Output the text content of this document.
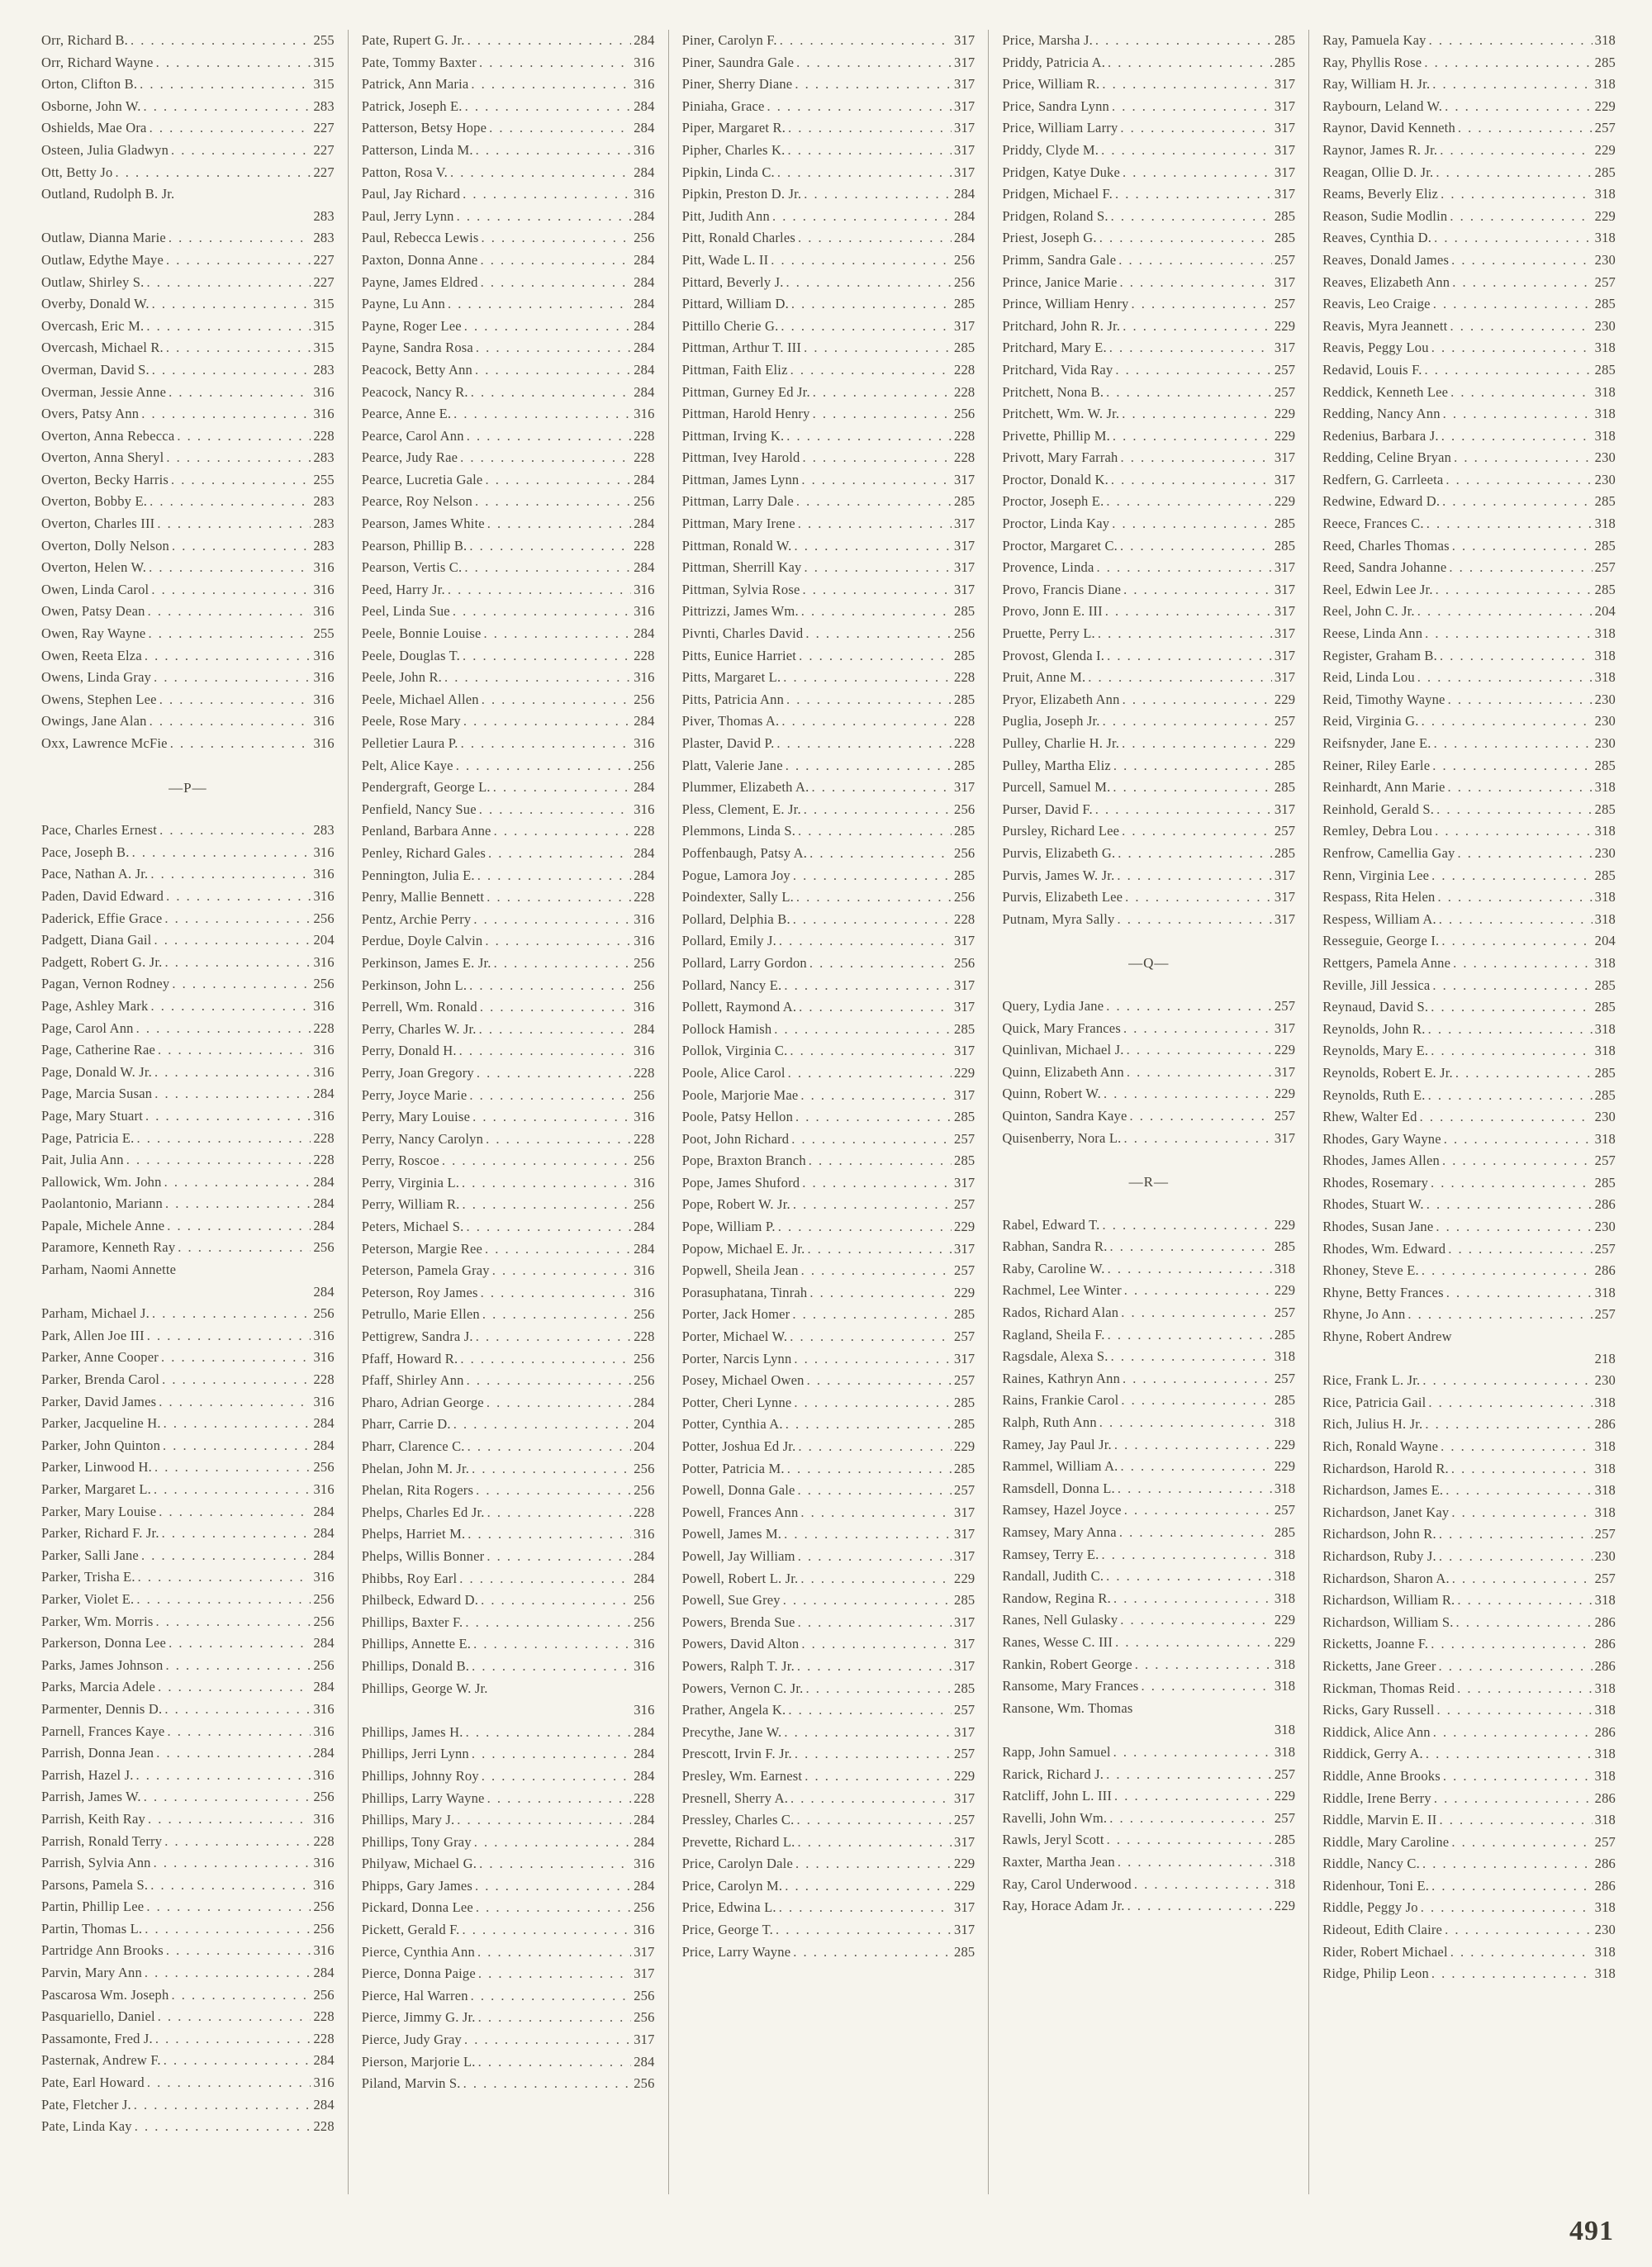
Orr, Richard B. . . .	255
Orr, Richard Wayne . . .	315
Orton, Clifton B. . . .	315
Osborne, John W. . . .	283
Oshields, Mae Ora . . .	227
Osteen, Julia Gladwyn . . .	227
Ott, Betty Jo . . .	227
Outland, Rudolph B. Jr.
283
Outlaw, Dianna Marie . . .	283
Outlaw, Edythe Maye . . .	227
Outlaw, Shirley S. . . .	227
Overby, Donald W. . . .	315
Overcash, Eric M. . . .	315
Overcash, Michael R. . . .	315
Overman, David S. . . .	283
Overman, Jessie Anne . . .	316
Overs, Patsy Ann . . .	316
Overton, Anna Rebecca . . .	228
Overton, Anna Sheryl . . .	283
Overton, Becky Harris . . .	255
Overton, Bobby E. . . .	283
Overton, Charles III . . .	283
Overton, Dolly Nelson . . .	283
Overton, Helen W. . . .	316
Owen, Linda Carol . . .	316
Owen, Patsy Dean . . .	316
Owen, Ray Wayne . . .	255
Owen, Reeta Elza . . .	316
Owens, Linda Gray . . .	316
Owens, Stephen Lee . . .	316
Owings, Jane Alan . . .	316
Oxx, Lawrence McFie . . .	316
—P—
Pace, Charles Ernest . . .	283
Pace, Joseph B. . . .	316
Pace, Nathan A. Jr. . . .	316
Paden, David Edward . . .	316
Paderick, Effie Grace . . .	256
Padgett, Diana Gail . . .	204
Padgett, Robert G. Jr. . . .	316
Pagan, Vernon Rodney . . .	256
Page, Ashley Mark . . .	316
Page, Carol Ann . . .	228
Page, Catherine Rae . . .	316
Page, Donald W. Jr. . . .	316
Page, Marcia Susan . . .	284
Page, Mary Stuart . . .	316
Page, Patricia E. . . .	228
Pait, Julia Ann . . .	228
Pallowick, Wm. John . . .	284
Paolantonio, Mariann . . .	284
Papale, Michele Anne . . .	284
Paramore, Kenneth Ray . . .	256
Parham, Naomi Annette
284
Parham, Michael J. . . .	256
Park, Allen Joe III . . .	316
Parker, Anne Cooper . . .	316
Parker, Brenda Carol . . .	228
Parker, David James . . .	316
Parker, Jacqueline H. . . .	284
Parker, John Quinton . . .	284
Parker, Linwood H. . . .	256
Parker, Margaret L. . . .	316
Parker, Mary Louise . . .	284
Parker, Richard F. Jr. . . .	284
Parker, Salli Jane . . .	284
Parker, Trisha E. . . .	316
Parker, Violet E. . . .	256
Parker, Wm. Morris . . .	256
Parkerson, Donna Lee . . .	284
Parks, James Johnson . . .	256
Parks, Marcia Adele . . .	284
Parmenter, Dennis D. . . .	316
Parnell, Frances Kaye . . .	316
Parrish, Donna Jean . . .	284
Parrish, Hazel J. . . .	316
Parrish, James W. . . .	256
Parrish, Keith Ray . . .	316
Parrish, Ronald Terry . . .	228
Parrish, Sylvia Ann . . .	316
Parsons, Pamela S. . . .	316
Partin, Phillip Lee . . .	256
Partin, Thomas L. . . .	256
Partridge Ann Brooks . . .	316
Parvin, Mary Ann . . .	284
Pascarosa Wm. Joseph . . .	256
Pasquariello, Daniel . . .	228
Passamonte, Fred J. . . .	228
Pasternak, Andrew F. . . .	284
Pate, Earl Howard . . .	316
Pate, Fletcher J. . . .	284
Pate, Linda Kay . . .	228
Pate, Rupert G. Jr. . . .	284
Pate, Tommy Baxter . . .	316
Patrick, Ann Maria . . .	316
Patrick, Joseph E. . . .	284
Patterson, Betsy Hope . . .	284
Patterson, Linda M. . . .	316
Patton, Rosa V. . . .	284
Paul, Jay Richard . . .	316
Paul, Jerry Lynn . . .	284
Paul, Rebecca Lewis . . .	256
Paxton, Donna Anne . . .	284
Payne, James Eldred . . .	284
Payne, Lu Ann . . .	284
Payne, Roger Lee . . .	284
Payne, Sandra Rosa . . .	284
Peacock, Betty Ann . . .	284
Peacock, Nancy R. . . .	284
Pearce, Anne E. . . .	316
Pearce, Carol Ann . . .	228
Pearce, Judy Rae . . .	228
Pearce, Lucretia Gale . . .	284
Pearce, Roy Nelson . . .	256
Pearson, James White . . .	284
Pearson, Phillip B. . . .	228
Pearson, Vertis C. . . .	284
Peed, Harry Jr. . . .	316
Peel, Linda Sue . . .	316
Peele, Bonnie Louise . . .	284
Peele, Douglas T. . . .	228
Peele, John R. . . .	316
Peele, Michael Allen . . .	256
Peele, Rose Mary . . .	284
Pelletier Laura P. . . .	316
Pelt, Alice Kaye . . .	256
Pendergraft, George L. . . .	284
Penfield, Nancy Sue . . .	316
Penland, Barbara Anne . . .	228
Penley, Richard Gales . . .	284
Pennington, Julia E. . . .	284
Penry, Mallie Bennett . . .	228
Pentz, Archie Perry . . .	316
Perdue, Doyle Calvin . . .	316
Perkinson, James E. Jr. . . .	256
Perkinson, John L. . . .	256
Perrell, Wm. Ronald . . .	316
Perry, Charles W. Jr. . . .	284
Perry, Donald H. . . .	316
Perry, Joan Gregory . . .	228
Perry, Joyce Marie . . .	256
Perry, Mary Louise . . .	316
Perry, Nancy Carolyn . . .	228
Perry, Roscoe . . .	256
Perry, Virginia L. . . .	316
Perry, William R. . . .	256
Peters, Michael S. . . .	284
Peterson, Margie Ree . . .	284
Peterson, Pamela Gray . . .	316
Peterson, Roy James . . .	316
Petrullo, Marie Ellen . . .	256
Pettigrew, Sandra J. . . .	228
Pfaff, Howard R. . . .	256
Pfaff, Shirley Ann . . .	256
Pharo, Adrian George . . .	284
Pharr, Carrie D. . . .	204
Pharr, Clarence C. . . .	204
Phelan, John M. Jr. . . .	256
Phelan, Rita Rogers . . .	256
Phelps, Charles Ed Jr. . . .	228
Phelps, Harriet M. . . .	316
Phelps, Willis Bonner . . .	284
Phibbs, Roy Earl . . .	284
Philbeck, Edward D. . . .	256
Phillips, Baxter F. . . .	256
Phillips, Annette E. . . .	316
Phillips, Donald B. . . .	316
Phillips, George W. Jr.
316
Phillips, James H. . . .	284
Phillips, Jerri Lynn . . .	284
Phillips, Johnny Roy . . .	284
Phillips, Larry Wayne . . .	228
Phillips, Mary J. . . .	284
Phillips, Tony Gray . . .	284
Philyaw, Michael G. . . .	316
Phipps, Gary James . . .	284
Pickard, Donna Lee . . .	256
Pickett, Gerald F. . . .	316
Pierce, Cynthia Ann . . .	317
Pierce, Donna Paige . . .	317
Pierce, Hal Warren . . .	256
Pierce, Jimmy G. Jr. . . .	256
Pierce, Judy Gray . . .	317
Pierson, Marjorie L. . . .	284
Piland, Marvin S. . . .	256
Piner, Carolyn F. . . .	317
Piner, Saundra Gale . . .	317
Piner, Sherry Diane . . .	317
Piniaha, Grace . . .	317
Piper, Margaret R. . . .	317
Pipher, Charles K. . . .	317
Pipkin, Linda C. . . .	317
Pipkin, Preston D. Jr. . . .	284
Pitt, Judith Ann . . .	284
Pitt, Ronald Charles . . .	284
Pitt, Wade L. II . . .	256
Pittard, Beverly J. . . .	256
Pittard, William D. . . .	285
Pittillo Cherie G. . . .	317
Pittman, Arthur T. III . . .	285
Pittman, Faith Eliz . . .	228
Pittman, Gurney Ed Jr. . . .	228
Pittman, Harold Henry . . .	256
Pittman, Irving K. . . .	228
Pittman, Ivey Harold . . .	228
Pittman, James Lynn . . .	317
Pittman, Larry Dale . . .	285
Pittman, Mary Irene . . .	317
Pittman, Ronald W. . . .	317
Pittman, Sherrill Kay . . .	317
Pittman, Sylvia Rose . . .	317
Pittrizzi, James Wm. . . .	285
Pivnti, Charles David . . .	256
Pitts, Eunice Harriet . . .	285
Pitts, Margaret L. . . .	228
Pitts, Patricia Ann . . .	285
Piver, Thomas A. . . .	228
Plaster, David P. . . .	228
Platt, Valerie Jane . . .	285
Plummer, Elizabeth A. . . .	317
Pless, Clement, E. Jr. . . .	256
Plemmons, Linda S. . . .	285
Poffenbaugh, Patsy A. . . .	256
Pogue, Lamora Joy . . .	285
Poindexter, Sally L. . . .	256
Pollard, Delphia B. . . .	228
Pollard, Emily J. . . .	317
Pollard, Larry Gordon . . .	256
Pollard, Nancy E. . . .	317
Pollett, Raymond A. . . .	317
Pollock Hamish . . .	285
Pollok, Virginia C. . . .	317
Poole, Alice Carol . . .	229
Poole, Marjorie Mae . . .	317
Poole, Patsy Hellon . . .	285
Poot, John Richard . . .	257
Pope, Braxton Branch . . .	285
Pope, James Shuford . . .	317
Pope, Robert W. Jr. . . .	257
Pope, William P. . . .	229
Popow, Michael E. Jr. . . .	317
Popwell, Sheila Jean . . .	257
Porasuphatana, Tinrah . . .	229
Porter, Jack Homer . . .	285
Porter, Michael W. . . .	257
Porter, Narcis Lynn . . .	317
Posey, Michael Owen . . .	257
Potter, Cheri Lynne . . .	285
Potter, Cynthia A. . . .	285
Potter, Joshua Ed Jr. . . .	229
Potter, Patricia M. . . .	285
Powell, Donna Gale . . .	257
Powell, Frances Ann . . .	317
Powell, James M. . . .	317
Powell, Jay William . . .	317
Powell, Robert L. Jr. . . .	229
Powell, Sue Grey . . .	285
Powers, Brenda Sue . . .	317
Powers, David Alton . . .	317
Powers, Ralph T. Jr. . . .	317
Powers, Vernon C. Jr. . . .	285
Prather, Angela K. . . .	257
Precythe, Jane W. . . .	317
Prescott, Irvin F. Jr. . . .	257
Presley, Wm. Earnest . . .	229
Presnell, Sherry A. . . .	317
Pressley, Charles C. . . .	257
Prevette, Richard L. . . .	317
Price, Carolyn Dale . . .	229
Price, Carolyn M. . . .	229
Price, Edwina L. . . .	317
Price, George T. . . .	317
Price, Larry Wayne . . .	285
Price, Marsha J. . . .	285
Priddy, Patricia A. . . .	285
Price, William R. . . .	317
Price, Sandra Lynn . . .	317
Price, William Larry . . .	317
Priddy, Clyde M. . . .	317
Pridgen, Katye Duke . . .	317
Pridgen, Michael F. . . .	317
Pridgen, Roland S. . . .	285
Priest, Joseph G. . . .	285
Primm, Sandra Gale . . .	257
Prince, Janice Marie . . .	317
Prince, William Henry . . .	257
Pritchard, John R. Jr. . . .	229
Pritchard, Mary E. . . .	317
Pritchard, Vida Ray . . .	257
Pritchett, Nona B. . . .	257
Pritchett, Wm. W. Jr. . . .	229
Privette, Phillip M. . . .	229
Privott, Mary Farrah . . .	317
Proctor, Donald K. . . .	317
Proctor, Joseph E. . . .	229
Proctor, Linda Kay . . .	285
Proctor, Margaret C. . . .	285
Provence, Linda . . .	317
Provo, Francis Diane . . .	317
Provo, Jonn E. III . . .	317
Pruette, Perry L. . . .	317
Provost, Glenda I. . . .	317
Pruit, Anne M. . . .	317
Pryor, Elizabeth Ann . . .	229
Puglia, Joseph Jr. . . .	257
Pulley, Charlie H. Jr. . . .	229
Pulley, Martha Eliz . . .	285
Purcell, Samuel M. . . .	285
Purser, David F. . . .	317
Pursley, Richard Lee . . .	257
Purvis, Elizabeth G. . . .	285
Purvis, James W. Jr. . . .	317
Purvis, Elizabeth Lee . . .	317
Putnam, Myra Sally . . .	317
—Q—
Query, Lydia Jane . . .	257
Quick, Mary Frances . . .	317
Quinlivan, Michael J. . . .	229
Quinn, Elizabeth Ann . . .	317
Quinn, Robert W. . . .	229
Quinton, Sandra Kaye . . .	257
Quisenberry, Nora L. . . .	317
—R—
Rabel, Edward T. . . .	229
Rabhan, Sandra R. . . .	285
Raby, Caroline W. . . .	318
Rachmel, Lee Winter . . .	229
Rados, Richard Alan . . .	257
Ragland, Sheila F. . . .	285
Ragsdale, Alexa S. . . .	318
Raines, Kathryn Ann . . .	257
Rains, Frankie Carol . . .	285
Ralph, Ruth Ann . . .	318
Ramey, Jay Paul Jr. . . .	229
Rammel, William A. . . .	229
Ramsdell, Donna L. . . .	318
Ramsey, Hazel Joyce . . .	257
Ramsey, Mary Anna . . .	285
Ramsey, Terry E. . . .	318
Randall, Judith C. . . .	318
Randow, Regina R. . . .	318
Ranes, Nell Gulasky . . .	229
Ranes, Wesse C. III . . .	229
Rankin, Robert George . . .	318
Ransome, Mary Frances . . .	318
Ransone, Wm. Thomas
318
Rapp, John Samuel . . .	318
Rarick, Richard J. . . .	257
Ratcliff, John L. III . . .	229
Ravelli, John Wm. . . .	257
Rawls, Jeryl Scott . . .	285
Raxter, Martha Jean . . .	318
Ray, Carol Underwood . . .	318
Ray, Horace Adam Jr. . . .	229
Ray, Pamuela Kay . . .	318
Ray, Phyllis Rose . . .	285
Ray, William H. Jr. . . .	318
Raybourn, Leland W. . . .	229
Raynor, David Kenneth . . .	257
Raynor, James R. Jr. . . .	229
Reagan, Ollie D. Jr. . . .	285
Reams, Beverly Eliz . . .	318
Reason, Sudie Modlin . . .	229
Reaves, Cynthia D. . . .	318
Reaves, Donald James . . .	230
Reaves, Elizabeth Ann . . .	257
Reavis, Leo Craige . . .	285
Reavis, Myra Jeannett . . .	230
Reavis, Peggy Lou . . .	318
Redavid, Louis F. . . .	285
Reddick, Kenneth Lee . . .	318
Redding, Nancy Ann . . .	318
Redenius, Barbara J. . . .	318
Redding, Celine Bryan . . .	230
Redfern, G. Carrleeta . . .	230
Redwine, Edward D. . . .	285
Reece, Frances C. . . .	318
Reed, Charles Thomas . . .	285
Reed, Sandra Johanne . . .	257
Reel, Edwin Lee Jr. . . .	285
Reel, John C. Jr. . . .	204
Reese, Linda Ann . . .	318
Register, Graham B. . . .	318
Reid, Linda Lou . . .	318
Reid, Timothy Wayne . . .	230
Reid, Virginia G. . . .	230
Reifsnyder, Jane E. . . .	230
Reiner, Riley Earle . . .	285
Reinhardt, Ann Marie . . .	318
Reinhold, Gerald S. . . .	285
Remley, Debra Lou . . .	318
Renfrow, Camellia Gay . . .	230
Renn, Virginia Lee . . .	285
Respass, Rita Helen . . .	318
Respess, William A. . . .	318
Resseguie, George I. . . .	204
Rettgers, Pamela Anne . . .	318
Reville, Jill Jessica . . .	285
Reynaud, David S. . . .	285
Reynolds, John R. . . .	318
Reynolds, Mary E. . . .	318
Reynolds, Robert E. Jr. . . .	285
Reynolds, Ruth E. . . .	285
Rhew, Walter Ed . . .	230
Rhodes, Gary Wayne . . .	318
Rhodes, James Allen . . .	257
Rhodes, Rosemary . . .	285
Rhodes, Stuart W. . . .	286
Rhodes, Susan Jane . . .	230
Rhodes, Wm. Edward . . .	257
Rhoney, Steve E. . . .	286
Rhyne, Betty Frances . . .	318
Rhyne, Jo Ann . . .	257
Rhyne, Robert Andrew
218
Rice, Frank L. Jr. . . .	230
Rice, Patricia Gail . . .	318
Rich, Julius H. Jr. . . .	286
Rich, Ronald Wayne . . .	318
Richardson, Harold R. . . .	318
Richardson, James E. . . .	318
Richardson, Janet Kay . . .	318
Richardson, John R. . . .	257
Richardson, Ruby J. . . .	230
Richardson, Sharon A. . . .	257
Richardson, William R. . . .	318
Richardson, William S. . . .	286
Ricketts, Joanne F. . . .	286
Ricketts, Jane Greer . . .	286
Rickman, Thomas Reid . . .	318
Ricks, Gary Russell . . .	318
Riddick, Alice Ann . . .	286
Riddick, Gerry A. . . .	318
Riddle, Anne Brooks . . .	318
Riddle, Irene Berry . . .	286
Riddle, Marvin E. II . . .	318
Riddle, Mary Caroline . . .	257
Riddle, Nancy C. . . .	286
Ridenhour, Toni E. . . .	286
Riddle, Peggy Jo . . .	318
Rideout, Edith Claire . . .	230
Rider, Robert Michael . . .	318
Ridge, Philip Leon . . .	318
491
